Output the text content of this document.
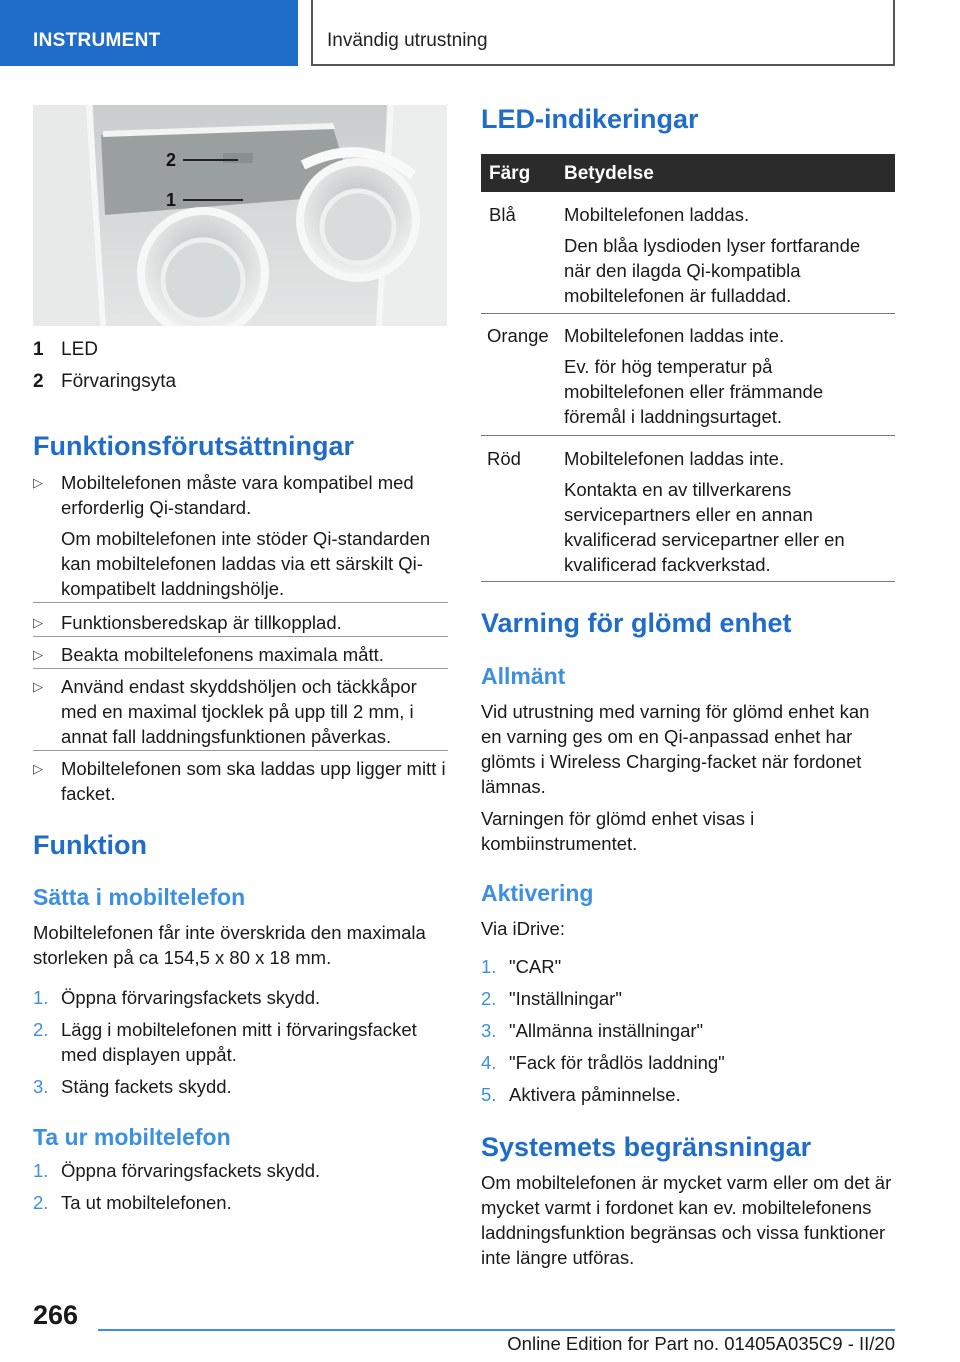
INSTRUMENT	Invändig utrustning
2
1
1 LED
2 Förvaringsyta
Funktionsförutsättningar
▷ Mobiltelefonen måste vara kompatibel med erforderlig Qi-standard.
Om mobiltelefonen inte stöder Qi-standarden kan mobiltelefonen laddas via ett särskilt Qi-kompatibelt laddningshölje.
▷ Funktionsberedskap är tillkopplad.
▷ Beakta mobiltelefonens maximala mått.
▷ Använd endast skyddshöljen och täckkåpor med en maximal tjocklek på upp till 2 mm, i annat fall laddningsfunktionen påverkas.
▷ Mobiltelefonen som ska laddas upp ligger mitt i facket.
Funktion
Sätta i mobiltelefon
Mobiltelefonen får inte överskrida den maximala storleken på ca 154,5 x 80 x 18 mm.
1. Öppna förvaringsfackets skydd.
2. Lägg i mobiltelefonen mitt i förvaringsfacket
med displayen uppåt.
3. Stäng fackets skydd.
Ta ur mobiltelefon
1. Öppna förvaringsfackets skydd.
2. Ta ut mobiltelefonen.
LED-indikeringar
Färg Betydelse
Blå	Mobiltelefonen laddas.
Den blåa lysdioden lyser fortfarande när den ilagda Qi-kompatibla mobiltelefonen är fulladdad.
Orange Mobiltelefonen laddas inte.
Ev. för hög temperatur på mobiltelefonen eller främmande föremål i laddningsurtaget.
Röd Mobiltelefonen laddas inte.
Kontakta en av tillverkarens servicepartners eller en annan kvalificerad servicepartner eller en kvalificerad fackverkstad.
Varning för glömd enhet
Allmänt
Vid utrustning med varning för glömd enhet kan en varning ges om en Qi-anpassad enhet har glömts i Wireless Charging-facket när fordonet lämnas.
Varningen för glömd enhet visas i kombiinstrumentet.
Aktivering
Via iDrive:
1. "CAR"
2. "Inställningar"
3. "Allmänna inställningar"
4. "Fack för trådlös laddning"
5. Aktivera påminnelse.
Systemets begränsningar
Om mobiltelefonen är mycket varm eller om det är mycket varmt i fordonet kan ev. mobiltelefonens laddningsfunktion begränsas och vissa funktioner inte längre utföras.
266
Online Edition for Part no. 01405A035C9 - II/20
